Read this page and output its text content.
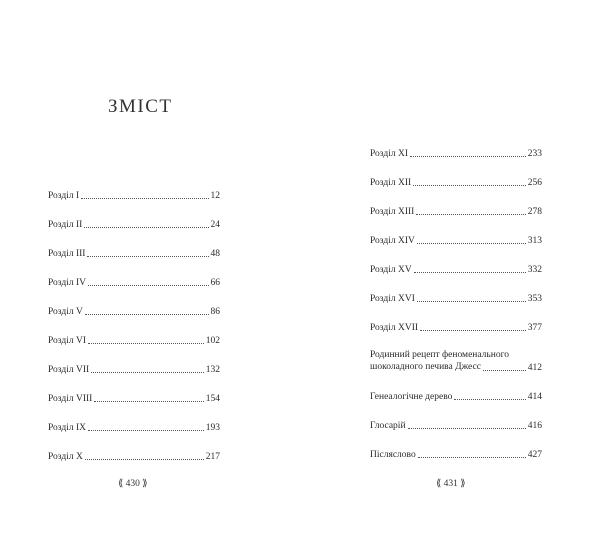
ЗМІСТ
Розділ І	12
Розділ ІІ	24
Розділ ІІІ	48
Розділ IV	66
Розділ V	86
Розділ VI	102
Розділ VII	132
Розділ VIII	154
Розділ IX	193
Розділ X	217
⟪ 430 ⟫
Розділ XI	233
Розділ XII	256
Розділ XIII	278
Розділ XIV	313
Розділ XV	332
Розділ XVI	353
Розділ XVII	377
Родинний рецепт феноменального
шоколадного печива Джесс	412
Генеалогічне дерево	414
Глосарій	416
Післяслово	427
⟪ 431 ⟫
